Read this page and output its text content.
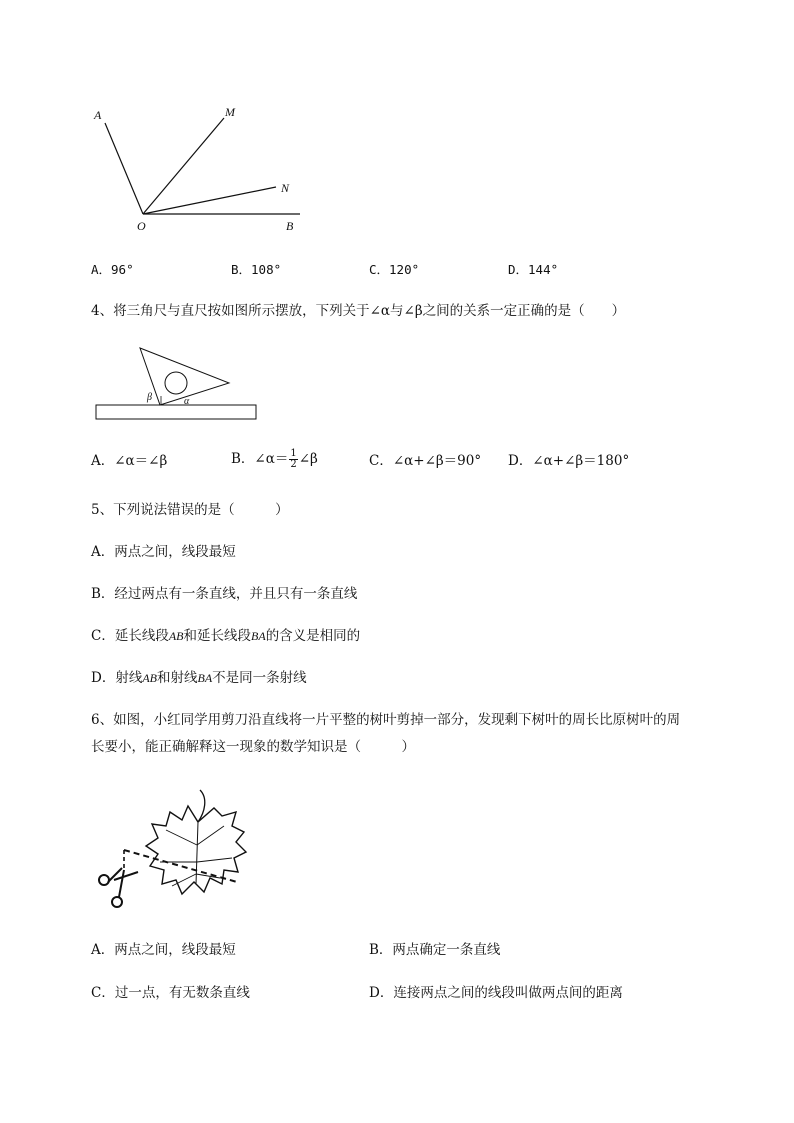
A	M
N
O	B
A．96°	B．108°	C．120°	D．144°
4、将三角尺与直尺按如图所示摆放，下列关于∠α与∠β之间的关系一定正确的是（　　）
β	α
A．∠α＝∠β	B．∠α＝ $\frac{1}{2}$ ∠β	C．∠α+∠β＝90° D．∠α+∠β＝180°
5、下列说法错误的是（　　　）
A．两点之间，线段最短
B．经过两点有一条直线，并且只有一条直线
C．延长线段AB和延长线段BA的含义是相同的
D．射线AB和射线BA不是同一条射线
6、如图，小红同学用剪刀沿直线将一片平整的树叶剪掉一部分，发现剩下树叶的周长比原树叶的周
长要小，能正确解释这一现象的数学知识是（　　　）
A．两点之间，线段最短	B．两点确定一条直线
C．过一点，有无数条直线	D．连接两点之间的线段叫做两点间的距离
